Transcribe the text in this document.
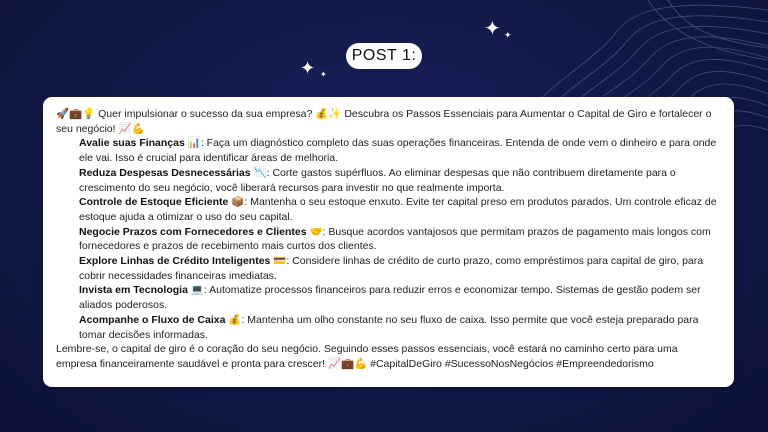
✦ ✦
✦ ✦
POST 1:

🚀💼💡 Quer impulsionar o sucesso da sua empresa? 💰✨ Descubra os Passos Essenciais para Aumentar o Capital de Giro e fortalecer o seu negócio! 📈💪

Avalie suas Finanças 📊: Faça um diagnóstico completo das suas operações financeiras. Entenda de onde vem o dinheiro e para onde ele vai. Isso é crucial para identificar áreas de melhoria.

Reduza Despesas Desnecessárias 📉: Corte gastos supérfluos. Ao eliminar despesas que não contribuem diretamente para o crescimento do seu negócio, você liberará recursos para investir no que realmente importa.

Controle de Estoque Eficiente 📦: Mantenha o seu estoque enxuto. Evite ter capital preso em produtos parados. Um controle eficaz de estoque ajuda a otimizar o uso do seu capital.

Negocie Prazos com Fornecedores e Clientes 🤝: Busque acordos vantajosos que permitam prazos de pagamento mais longos com fornecedores e prazos de recebimento mais curtos dos clientes.

Explore Linhas de Crédito Inteligentes 💳: Considere linhas de crédito de curto prazo, como empréstimos para capital de giro, para cobrir necessidades financeiras imediatas.

Invista em Tecnologia 💻: Automatize processos financeiros para reduzir erros e economizar tempo. Sistemas de gestão podem ser aliados poderosos.

Acompanhe o Fluxo de Caixa 💰: Mantenha um olho constante no seu fluxo de caixa. Isso permite que você esteja preparado para tomar decisões informadas.

Lembre-se, o capital de giro é o coração do seu negócio. Seguindo esses passos essenciais, você estará no caminho certo para uma empresa financeiramente saudável e pronta para crescer! 📈💼💪 #CapitalDeGiro #SucessoNosNegócios #Empreendedorismo
